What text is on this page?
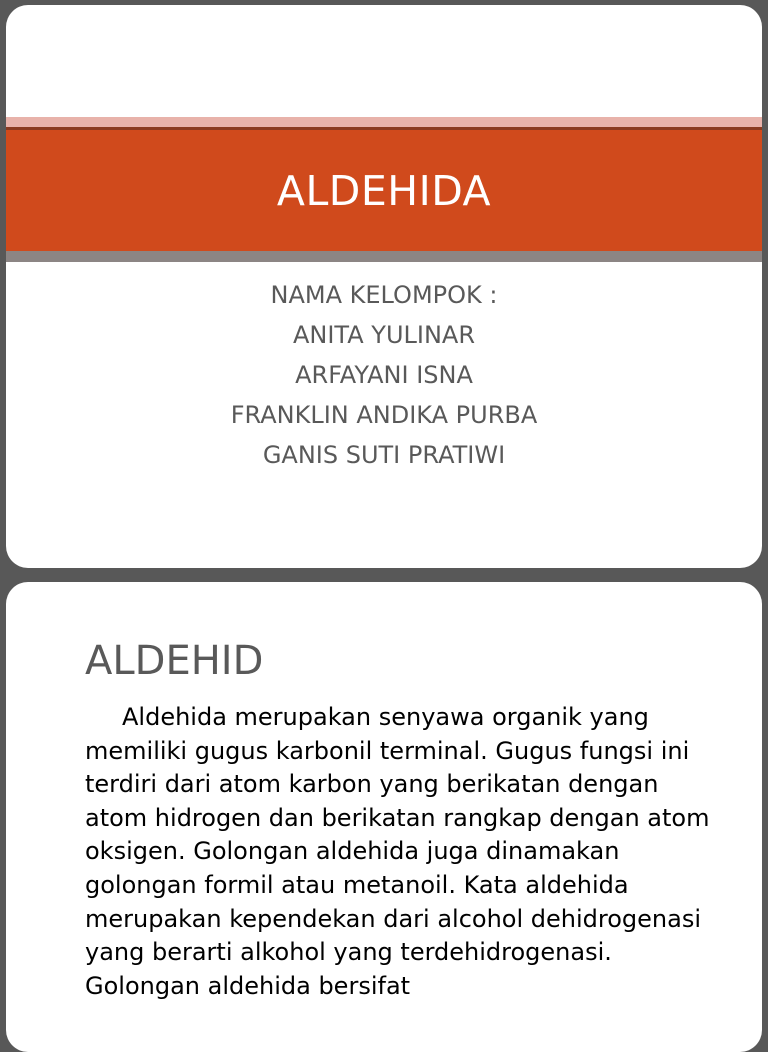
ALDEHIDA
NAMA KELOMPOK :
ANITA YULINAR
ARFAYANI ISNA
FRANKLIN ANDIKA PURBA
GANIS SUTI PRATIWI
ALDEHID
Aldehida merupakan senyawa organik yang memiliki gugus karbonil terminal. Gugus fungsi ini terdiri dari atom karbon yang berikatan dengan atom hidrogen dan berikatan rangkap dengan atom oksigen. Golongan aldehida juga dinamakan golongan formil atau metanoil. Kata aldehida merupakan kependekan dari alcohol dehidrogenasi yang berarti alkohol yang terdehidrogenasi. Golongan aldehida bersifat
